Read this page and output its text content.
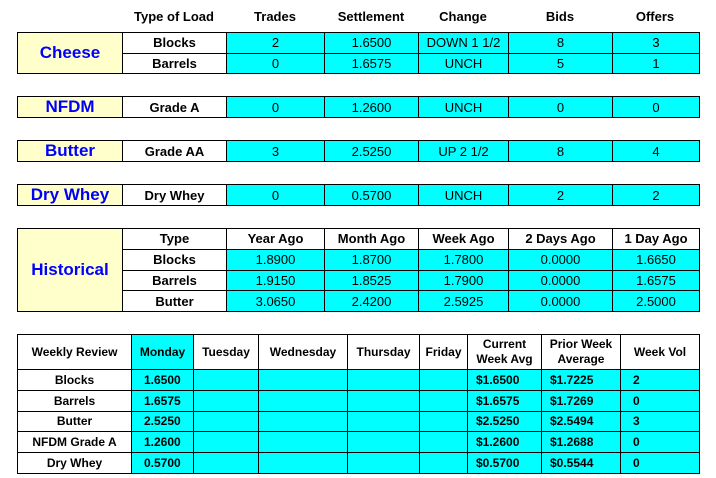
Type of Load	Trades	Settlement	Change	Bids	Offers
Cheese	Blocks	2	1.6500	DOWN 1 1/2	8	3
	Barrels	0	1.6575	UNCH	5	1
NFDM	Grade A	0	1.2600	UNCH	0	0
Butter	Grade AA	3	2.5250	UP 2 1/2	8	4
Dry Whey	Dry Whey	0	0.5700	UNCH	2	2
Historical	Type	Year Ago	Month Ago	Week Ago	2 Days Ago	1 Day Ago
	Blocks	1.8900	1.8700	1.7800	0.0000	1.6650
	Barrels	1.9150	1.8525	1.7900	0.0000	1.6575
	Butter	3.0650	2.4200	2.5925	0.0000	2.5000
Weekly Review	Monday	Tuesday	Wednesday	Thursday	Friday	Current Week Avg	Prior Week Average	Week Vol
Blocks	1.6500					$1.6500	$1.7225	2
Barrels	1.6575					$1.6575	$1.7269	0
Butter	2.5250					$2.5250	$2.5494	3
NFDM Grade A	1.2600					$1.2600	$1.2688	0
Dry Whey	0.5700					$0.5700	$0.5544	0
